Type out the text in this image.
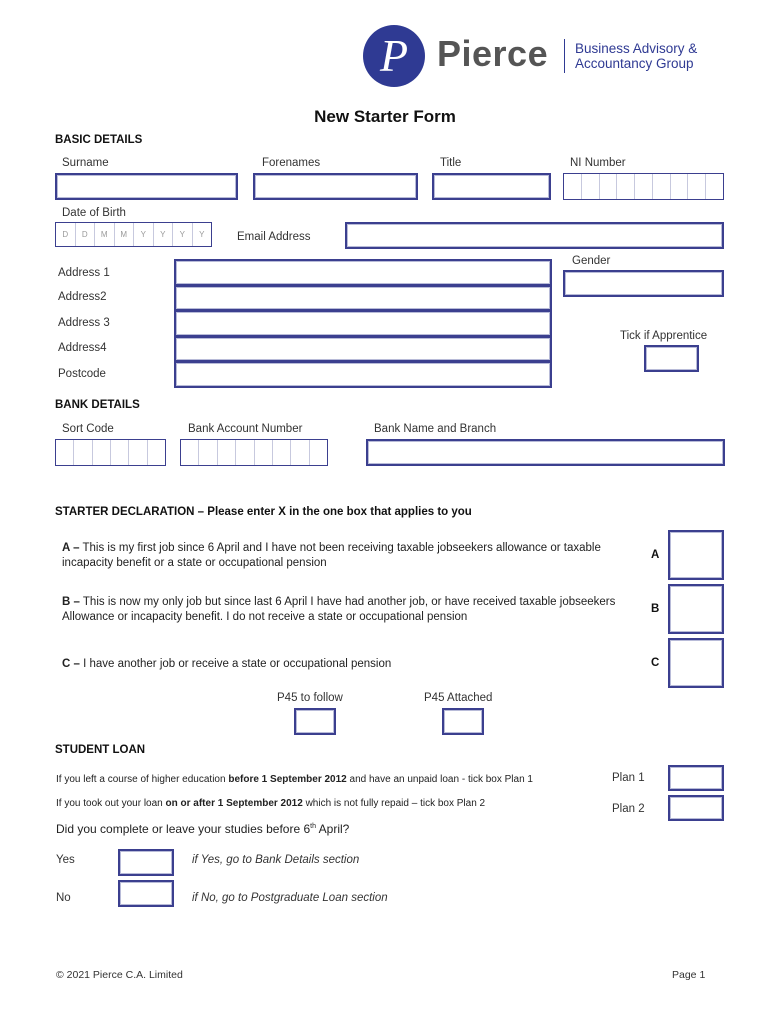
P Pierce Business Advisory &
Accountancy Group
New Starter Form
BASIC DETAILS
Surname	Forenames	Title	NI Number
Date of Birth
D	D	M	M	Y	Y	Y	Y	Email Address
Gender
Address 1
Address2
Address 3
Address4
Postcode
Tick if Apprentice
BANK DETAILS
Sort Code	Bank Account Number	Bank Name and Branch
STARTER DECLARATION – Please enter X in the one box that applies to you
A – This is my first job since 6 April and I have not been receiving taxable jobseekers allowance or taxable incapacity benefit or a state or occupational pension
A
B – This is now my only job but since last 6 April I have had another job, or have received taxable jobseekers Allowance or incapacity benefit. I do not receive a state or occupational pension
B
C – I have another job or receive a state or occupational pension	C
P45 to follow	P45 Attached
STUDENT LOAN
If you left a course of higher education before 1 September 2012 and have an unpaid loan - tick box Plan 1	Plan 1
If you took out your loan on or after 1 September 2012 which is not fully repaid – tick box Plan 2	Plan 2
Did you complete or leave your studies before 6th April?
Yes	if Yes, go to Bank Details section
No	if No, go to Postgraduate Loan section
© 2021 Pierce C.A. Limited	Page 1
